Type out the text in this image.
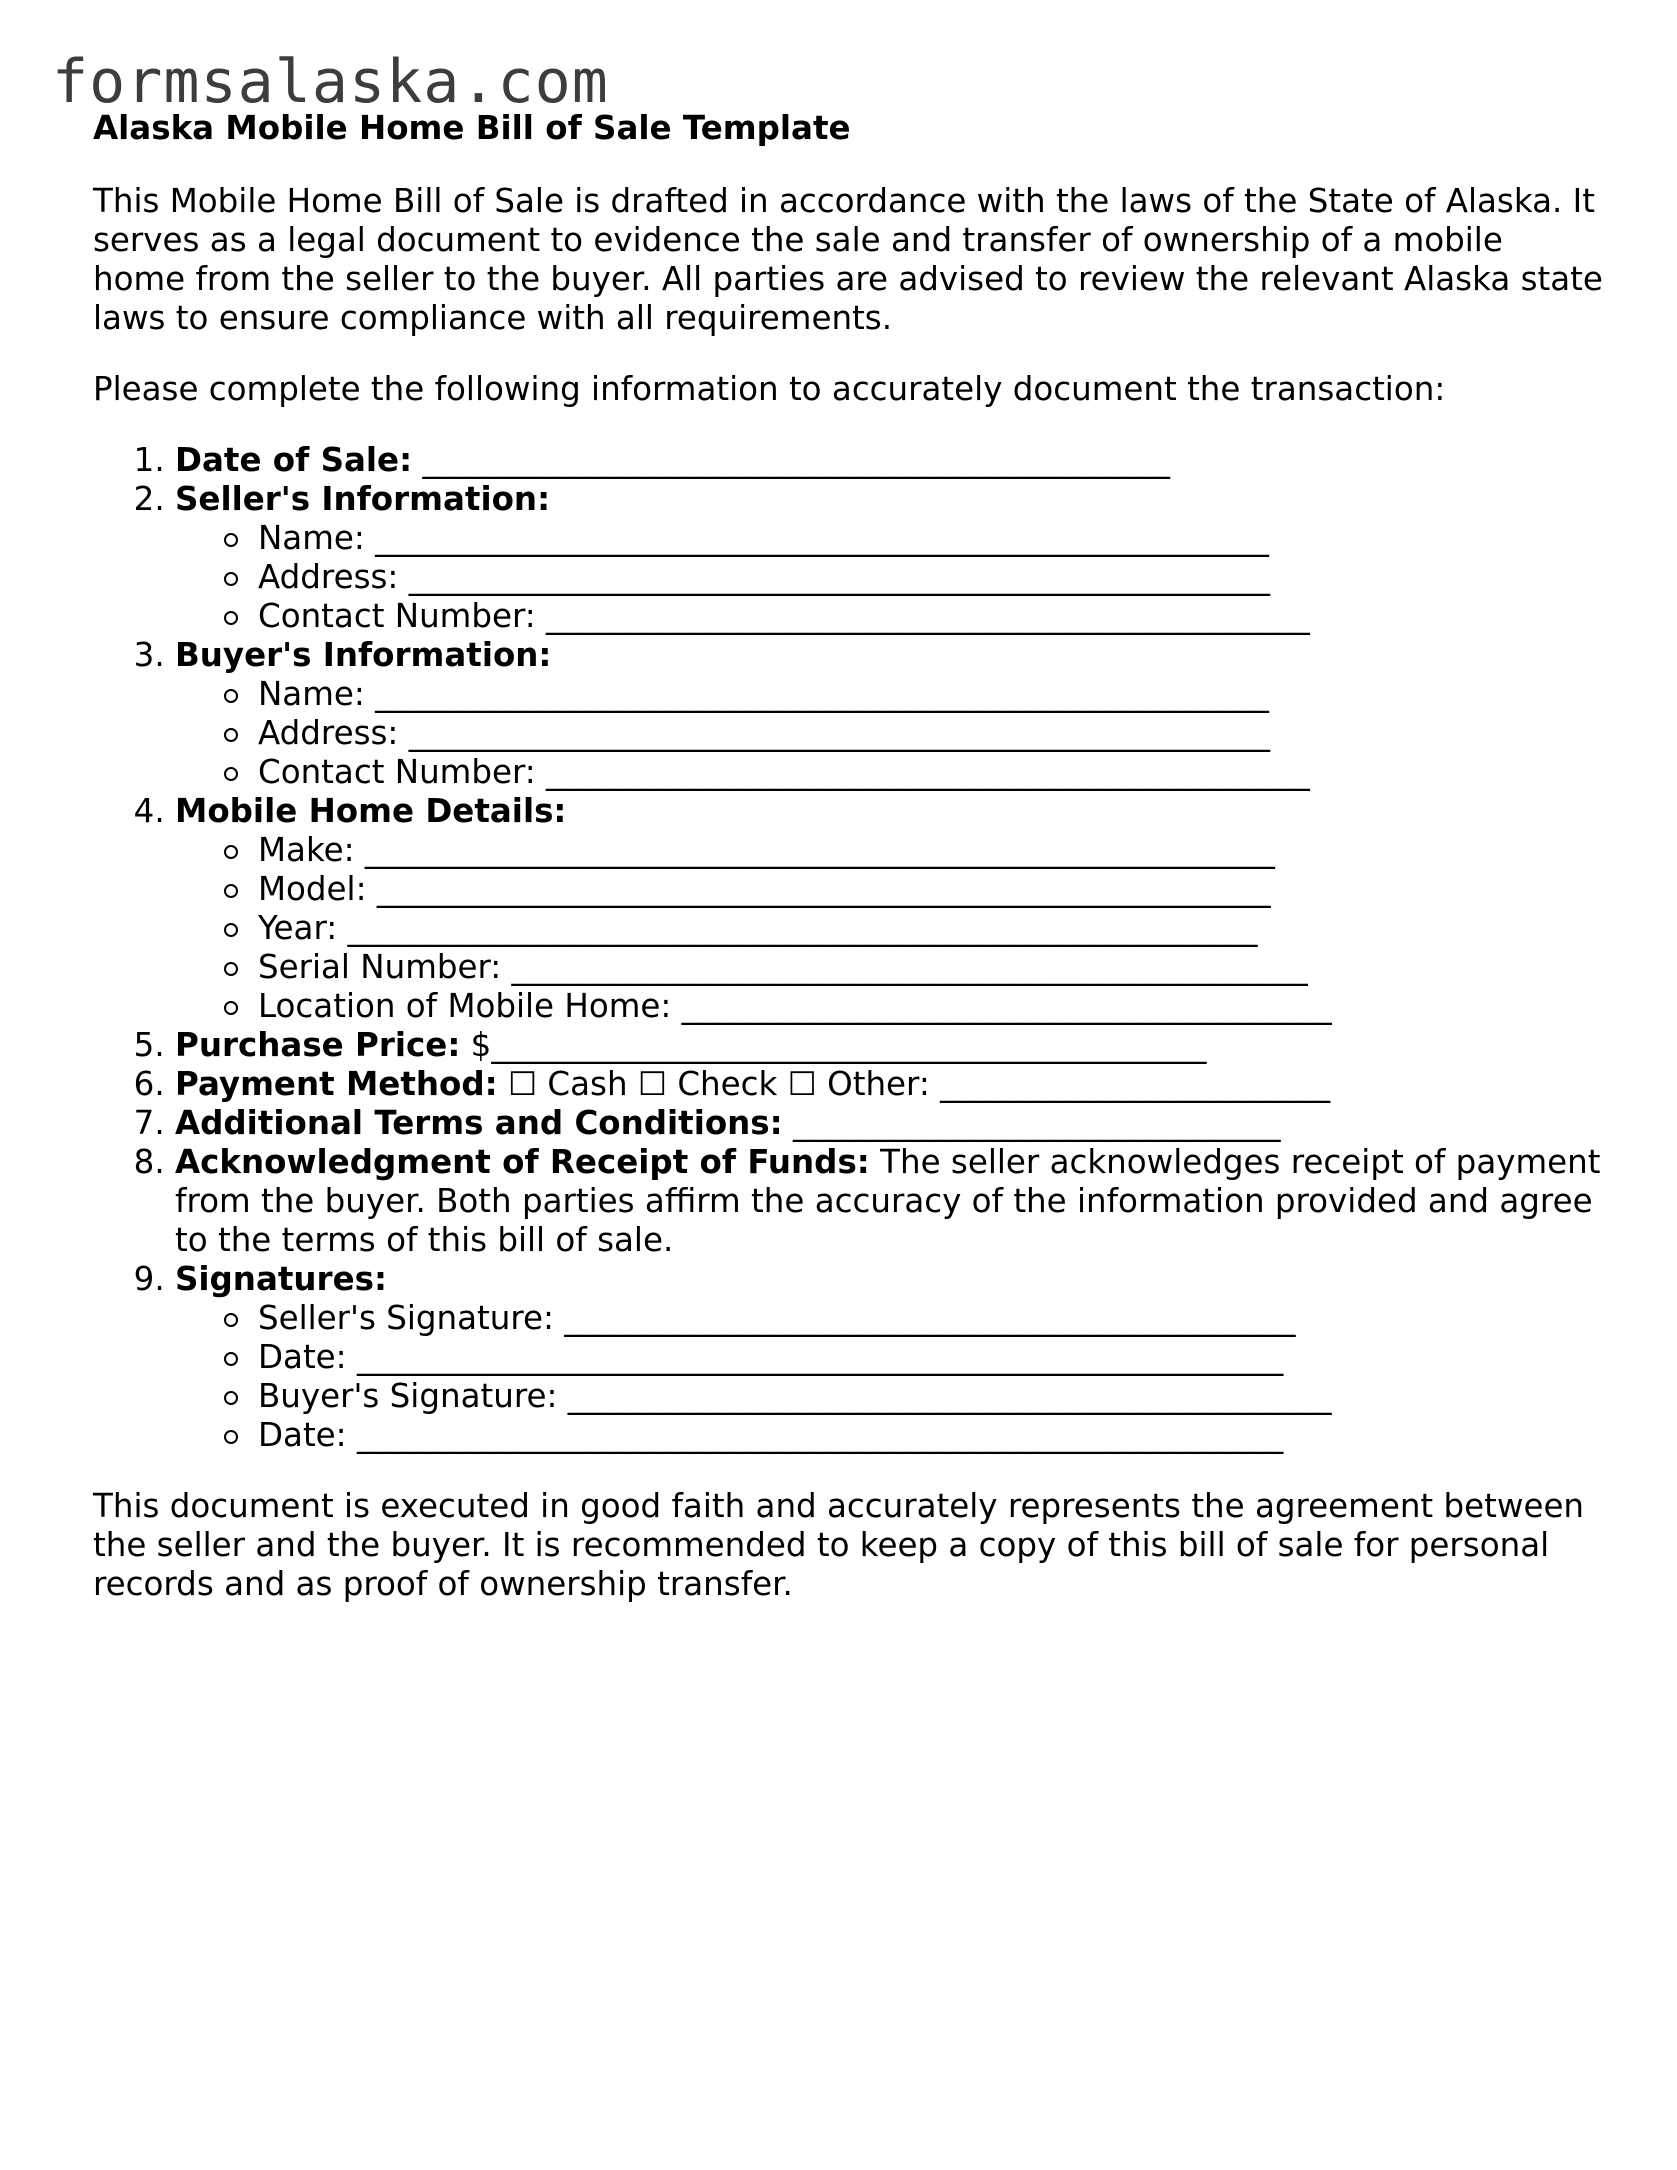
formsalaska.com
Alaska Mobile Home Bill of Sale Template

This Mobile Home Bill of Sale is drafted in accordance with the laws of the State of Alaska. It serves as a legal document to evidence the sale and transfer of ownership of a mobile home from the seller to the buyer. All parties are advised to review the relevant Alaska state laws to ensure compliance with all requirements.

Please complete the following information to accurately document the transaction:

1. Date of Sale: ______________________________________________
2. Seller's Information:
Name: _______________________________________________________
Address: _____________________________________________________
Contact Number: _______________________________________________
3. Buyer's Information:
Name: _______________________________________________________
Address: _____________________________________________________
Contact Number: _______________________________________________
4. Mobile Home Details:
Make: ________________________________________________________
Model: _______________________________________________________
Year: ________________________________________________________
Serial Number: _________________________________________________
Location of Mobile Home: ________________________________________
5. Purchase Price: $____________________________________________
6. Payment Method: ☐ Cash ☐ Check ☐ Other: ________________________
7. Additional Terms and Conditions: ______________________________
8. Acknowledgment of Receipt of Funds: The seller acknowledges receipt of payment from the buyer. Both parties affirm the accuracy of the information provided and agree to the terms of this bill of sale.
9. Signatures:
Seller's Signature: _____________________________________________
Date: _________________________________________________________
Buyer's Signature: _______________________________________________
Date: _________________________________________________________

This document is executed in good faith and accurately represents the agreement between the seller and the buyer. It is recommended to keep a copy of this bill of sale for personal records and as proof of ownership transfer.
